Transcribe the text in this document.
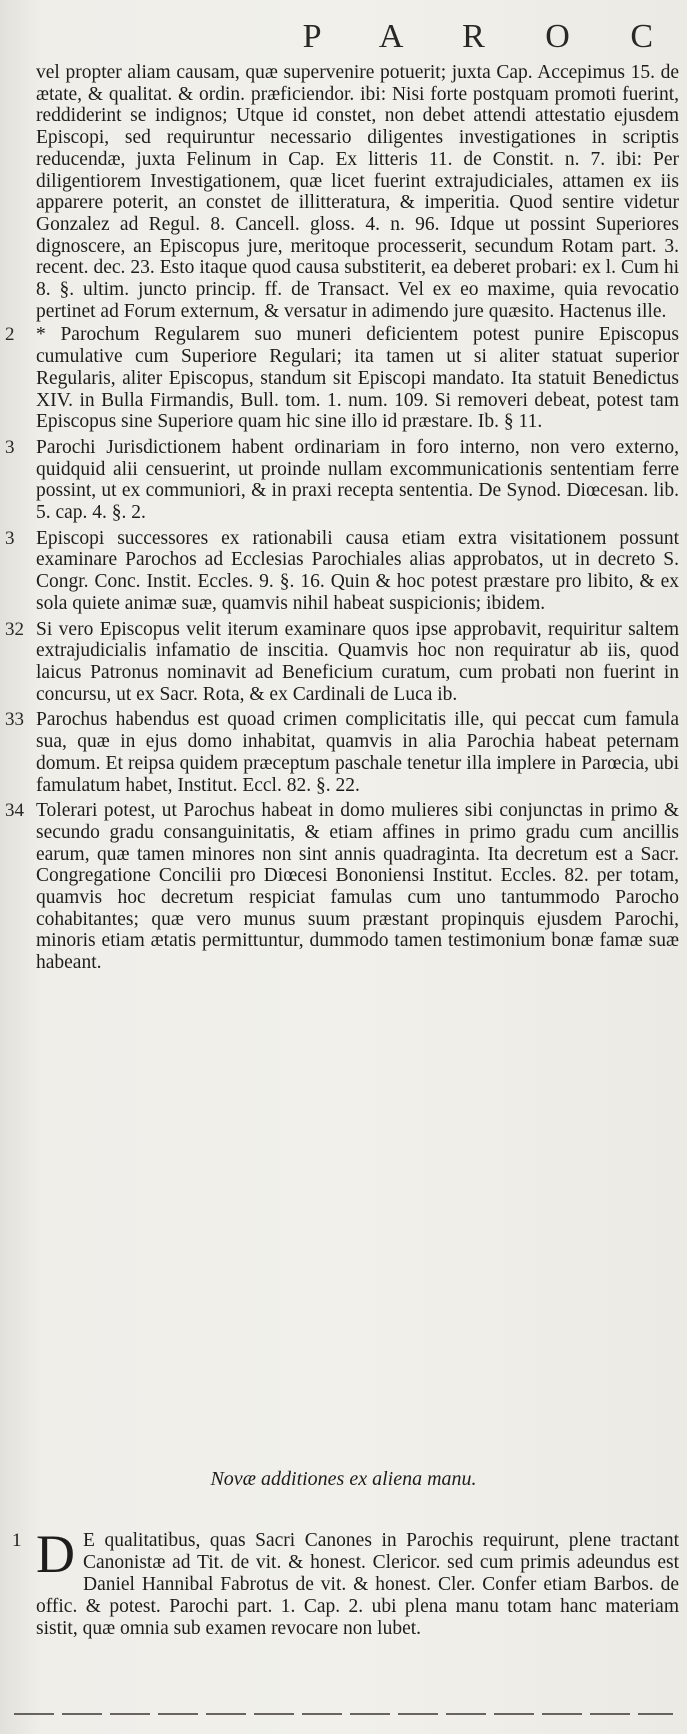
P A R O C

vel propter aliam causam, quæ supervenire potuerit; juxta Cap. Accepimus 15. de ætate, & qualitat. & ordin. præficiendor. ibi: Nisi forte postquam promoti fuerint, reddiderint se indignos; Utque id constet, non debet attendi attestatio ejusdem Episcopi, sed requiruntur necessario diligentes investigationes in scriptis reducendæ, juxta Felinum in Cap. Ex litteris 11. de Constit. n. 7. ibi: Per diligentiorem Investigationem, quæ licet fuerint extrajudiciales, attamen ex iis apparere poterit, an constet de illitteratura, & imperitia. Quod sentire videtur Gonzalez ad Regul. 8. Cancell. gloss. 4. n. 96. Idque ut possint Superiores dignoscere, an Episcopus jure, meritoque processerit, secundum Rotam part. 3. recent. dec. 23. Esto itaque quod causa substiterit, ea deberet probari: ex l. Cum hi 8. §. ultim. juncto princip. ff. de Transact. Vel ex eo maxime, quia revocatio pertinet ad Forum externum, & versatur in adimendo jure quæsito. Hactenus ille.

2 * Parochum Regularem suo muneri deficientem potest punire Episcopus cumulative cum Superiore Regulari; ita tamen ut si aliter statuat superior Regularis, aliter Episcopus, standum sit Episcopi mandato. Ita statuit Benedictus XIV. in Bulla Firmandis, Bull. tom. 1. num. 109. Si removeri debeat, potest tam Episcopus sine Superiore quam hic sine illo id præstare. Ib. § 11.

3 Parochi Jurisdictionem habent ordinariam in foro interno, non vero externo, quidquid alii censuerint, ut proinde nullam excommunicationis sententiam ferre possint, ut ex communiori, & in praxi recepta sententia. De Synod. Diœcesan. lib. 5. cap. 4. §. 2.

3 Episcopi successores ex rationabili causa etiam extra visitationem possunt examinare Parochos ad Ecclesias Parochiales alias approbatos, ut in decreto S. Congr. Conc. Instit. Eccles. 9. §. 16. Quin & hoc potest præstare pro libito, & ex sola quiete animæ suæ, quamvis nihil habeat suspicionis; ibidem.

32 Si vero Episcopus velit iterum examinare quos ipse approbavit, requiritur saltem extrajudicialis infamatio de inscitia. Quamvis hoc non requiratur ab iis, quod laicus Patronus nominavit ad Beneficium curatum, cum probati non fuerint in concursu, ut ex Sacr. Rota, & ex Cardinali de Luca ib.

33 Parochus habendus est quoad crimen complicitatis ille, qui peccat cum famula sua, quæ in ejus domo inhabitat, quamvis in alia Parochia habeat peternam domum. Et reipsa quidem præceptum paschale tenetur illa implere in Parœcia, ubi famulatum habet, Institut. Eccl. 82. §. 22.

34 Tolerari potest, ut Parochus habeat in domo mulieres sibi conjunctas in primo & secundo gradu consanguinitatis, & etiam affines in primo gradu cum ancillis earum, quæ tamen minores non sint annis quadraginta. Ita decretum est a Sacr. Congregatione Concilii pro Diœcesi Bononiensi Institut. Eccles. 82. per totam, quamvis hoc decretum respiciat famulas cum uno tantummodo Parocho cohabitantes; quæ vero munus suum præstant propinquis ejusdem Parochi, minoris etiam ætatis permittuntur, dummodo tamen testimonium bonæ famæ suæ habeant.

Novæ additiones ex aliena manu.
1 D E qualitatibus, quas Sacri Canones in Parochis requirunt, plene tractant Canonistæ ad Tit. de vit. & honest. Clericor. sed cum primis adeundus est Daniel Hannibal Fabrotus de vit. & honest. Cler. Confer etiam Barbos. de offic. & potest. Parochi part. 1. Cap. 2. ubi plena manu totam hanc materiam sistit, quæ omnia sub examen revocare non lubet.
